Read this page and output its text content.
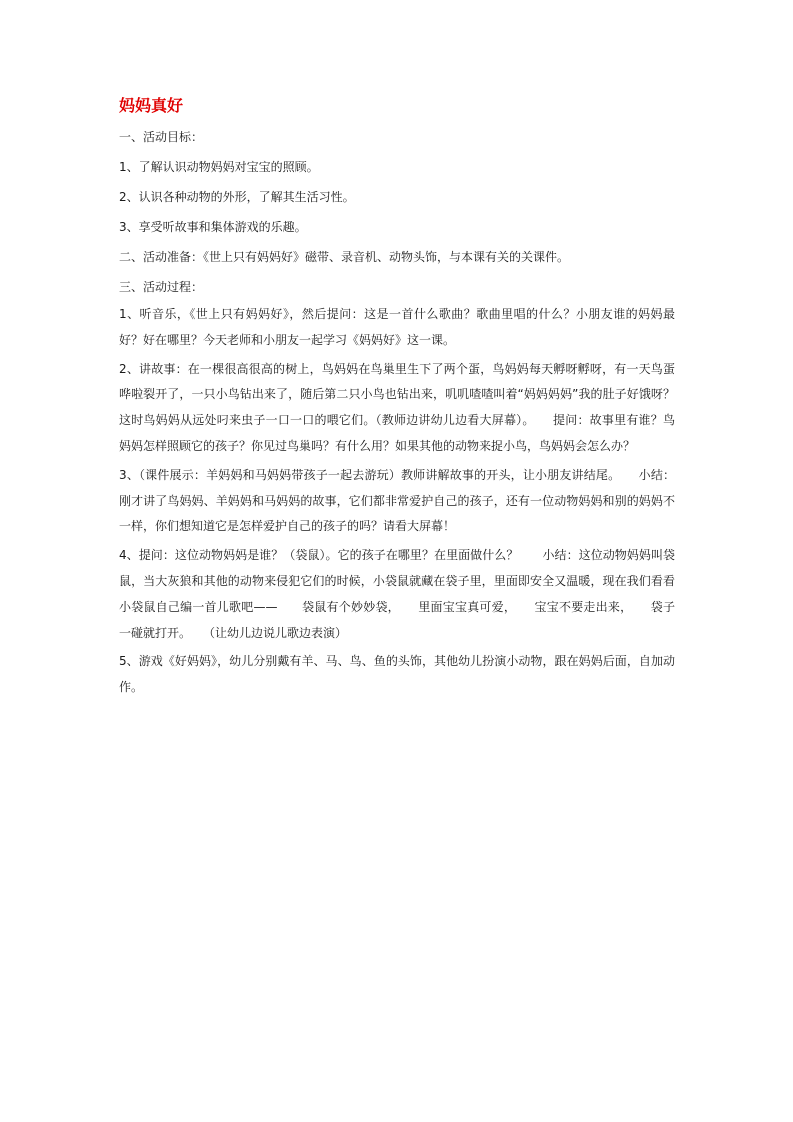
妈妈真好

一、活动目标：

1、了解认识动物妈妈对宝宝的照顾。

2、认识各种动物的外形，了解其生活习性。

3、享受听故事和集体游戏的乐趣。

二、活动准备：《世上只有妈妈好》磁带、录音机、动物头饰，与本课有关的关课件。

三、活动过程：

1、听音乐，《世上只有妈妈好》，然后提问：这是一首什么歌曲？歌曲里唱的什么？小朋友谁的妈妈最好？好在哪里？今天老师和小朋友一起学习《妈妈好》这一课。

2、讲故事：在一棵很高很高的树上，鸟妈妈在鸟巢里生下了两个蛋，鸟妈妈每天孵呀孵呀，有一天鸟蛋哗啦裂开了，一只小鸟钻出来了，随后第二只小鸟也钻出来，叽叽喳喳叫着“妈妈妈妈”我的肚子好饿呀？这时鸟妈妈从远处叼来虫子一口一口的喂它们。（教师边讲幼儿边看大屏幕）。　　提问：故事里有谁？鸟妈妈怎样照顾它的孩子？你见过鸟巢吗？有什么用？如果其他的动物来捉小鸟，鸟妈妈会怎么办？

3、（课件展示：羊妈妈和马妈妈带孩子一起去游玩）教师讲解故事的开头，让小朋友讲结尾。　　小结：刚才讲了鸟妈妈、羊妈妈和马妈妈的故事，它们都非常爱护自己的孩子，还有一位动物妈妈和别的妈妈不一样，你们想知道它是怎样爱护自己的孩子的吗？请看大屏幕！

4、提问：这位动物妈妈是谁？（袋鼠）。它的孩子在哪里？在里面做什么？　　小结：这位动物妈妈叫袋鼠，当大灰狼和其他的动物来侵犯它们的时候，小袋鼠就藏在袋子里，里面即安全又温暖，现在我们看看小袋鼠自己编一首儿歌吧——　　袋鼠有个妙妙袋，　　里面宝宝真可爱，　　宝宝不要走出来，　　袋子一碰就打开。　　（让幼儿边说儿歌边表演）

5、游戏《好妈妈》，幼儿分别戴有羊、马、鸟、鱼的头饰，其他幼儿扮演小动物，跟在妈妈后面，自加动作。
